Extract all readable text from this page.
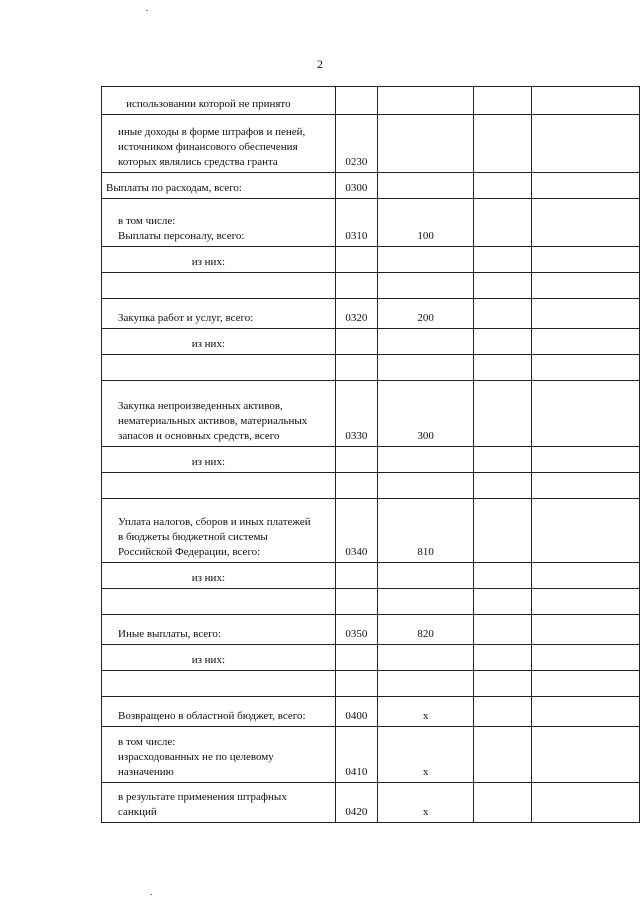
2
использовании которой не принято				

иные доходы в форме штрафов и пеней,
источником финансового обеспечения
которых являлись средства гранта	0230			

Выплаты по расходам, всего:	0300			

в том числе:
Выплаты персоналу, всего:	0310	100		

из них:				

Закупка работ и услуг, всего:	0320	200		

из них:				

Закупка непроизведенных активов,
нематериальных активов, материальных
запасов и основных средств, всего	0330	300		

из них:				

Уплата налогов, сборов и иных платежей
в бюджеты бюджетной системы
Российской Федерации, всего:	0340	810		

из них:				

Иные выплаты, всего:	0350	820		

из них:				

Возвращено в областной бюджет, всего:	0400	x		

в том числе:
израсходованных не по целевому
назначению	0410	x		

в результате применения штрафных
санкций	0420	x		
